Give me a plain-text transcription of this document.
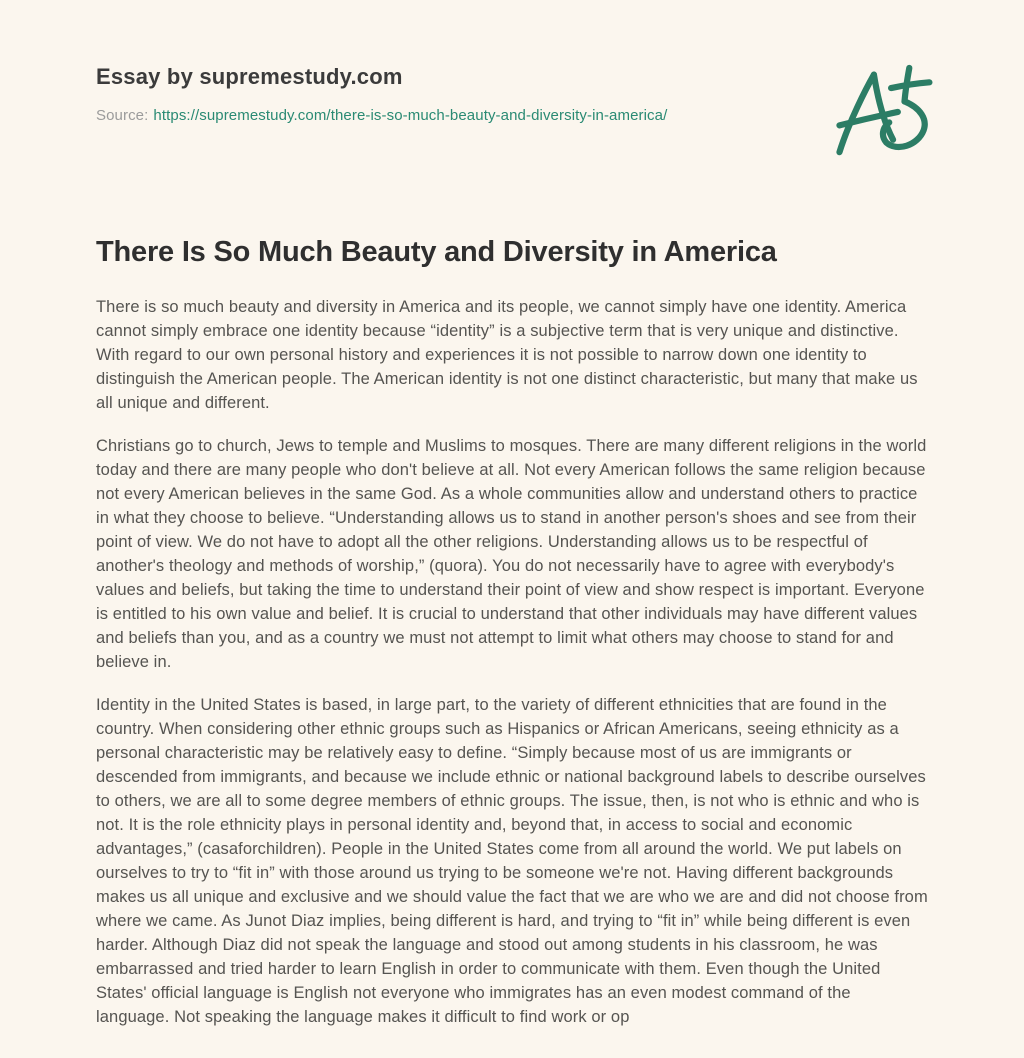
Essay by supremestudy.com
Source: https://supremestudy.com/there-is-so-much-beauty-and-diversity-in-america/
There Is So Much Beauty and Diversity in America

There is so much beauty and diversity in America and its people, we cannot simply have one identity. America cannot simply embrace one identity because “identity” is a subjective term that is very unique and distinctive. With regard to our own personal history and experiences it is not possible to narrow down one identity to distinguish the American people. The American identity is not one distinct characteristic, but many that make us all unique and different.

Christians go to church, Jews to temple and Muslims to mosques. There are many different religions in the world today and there are many people who don't believe at all. Not every American follows the same religion because not every American believes in the same God. As a whole communities allow and understand others to practice in what they choose to believe. “Understanding allows us to stand in another person's shoes and see from their point of view. We do not have to adopt all the other religions. Understanding allows us to be respectful of another's theology and methods of worship,” (quora). You do not necessarily have to agree with everybody's values and beliefs, but taking the time to understand their point of view and show respect is important. Everyone is entitled to his own value and belief. It is crucial to understand that other individuals may have different values and beliefs than you, and as a country we must not attempt to limit what others may choose to stand for and believe in.

Identity in the United States is based, in large part, to the variety of different ethnicities that are found in the country. When considering other ethnic groups such as Hispanics or African Americans, seeing ethnicity as a personal characteristic may be relatively easy to define. “Simply because most of us are immigrants or descended from immigrants, and because we include ethnic or national background labels to describe ourselves to others, we are all to some degree members of ethnic groups. The issue, then, is not who is ethnic and who is not. It is the role ethnicity plays in personal identity and, beyond that, in access to social and economic advantages,” (casaforchildren). People in the United States come from all around the world. We put labels on ourselves to try to “fit in” with those around us trying to be someone we're not. Having different backgrounds makes us all unique and exclusive and we should value the fact that we are who we are and did not choose from where we came. As Junot Diaz implies, being different is hard, and trying to “fit in” while being different is even harder. Although Diaz did not speak the language and stood out among students in his classroom, he was embarrassed and tried harder to learn English in order to communicate with them. Even though the United States' official language is English not everyone who immigrates has an even modest command of the language. Not speaking the language makes it difficult to find work or op
